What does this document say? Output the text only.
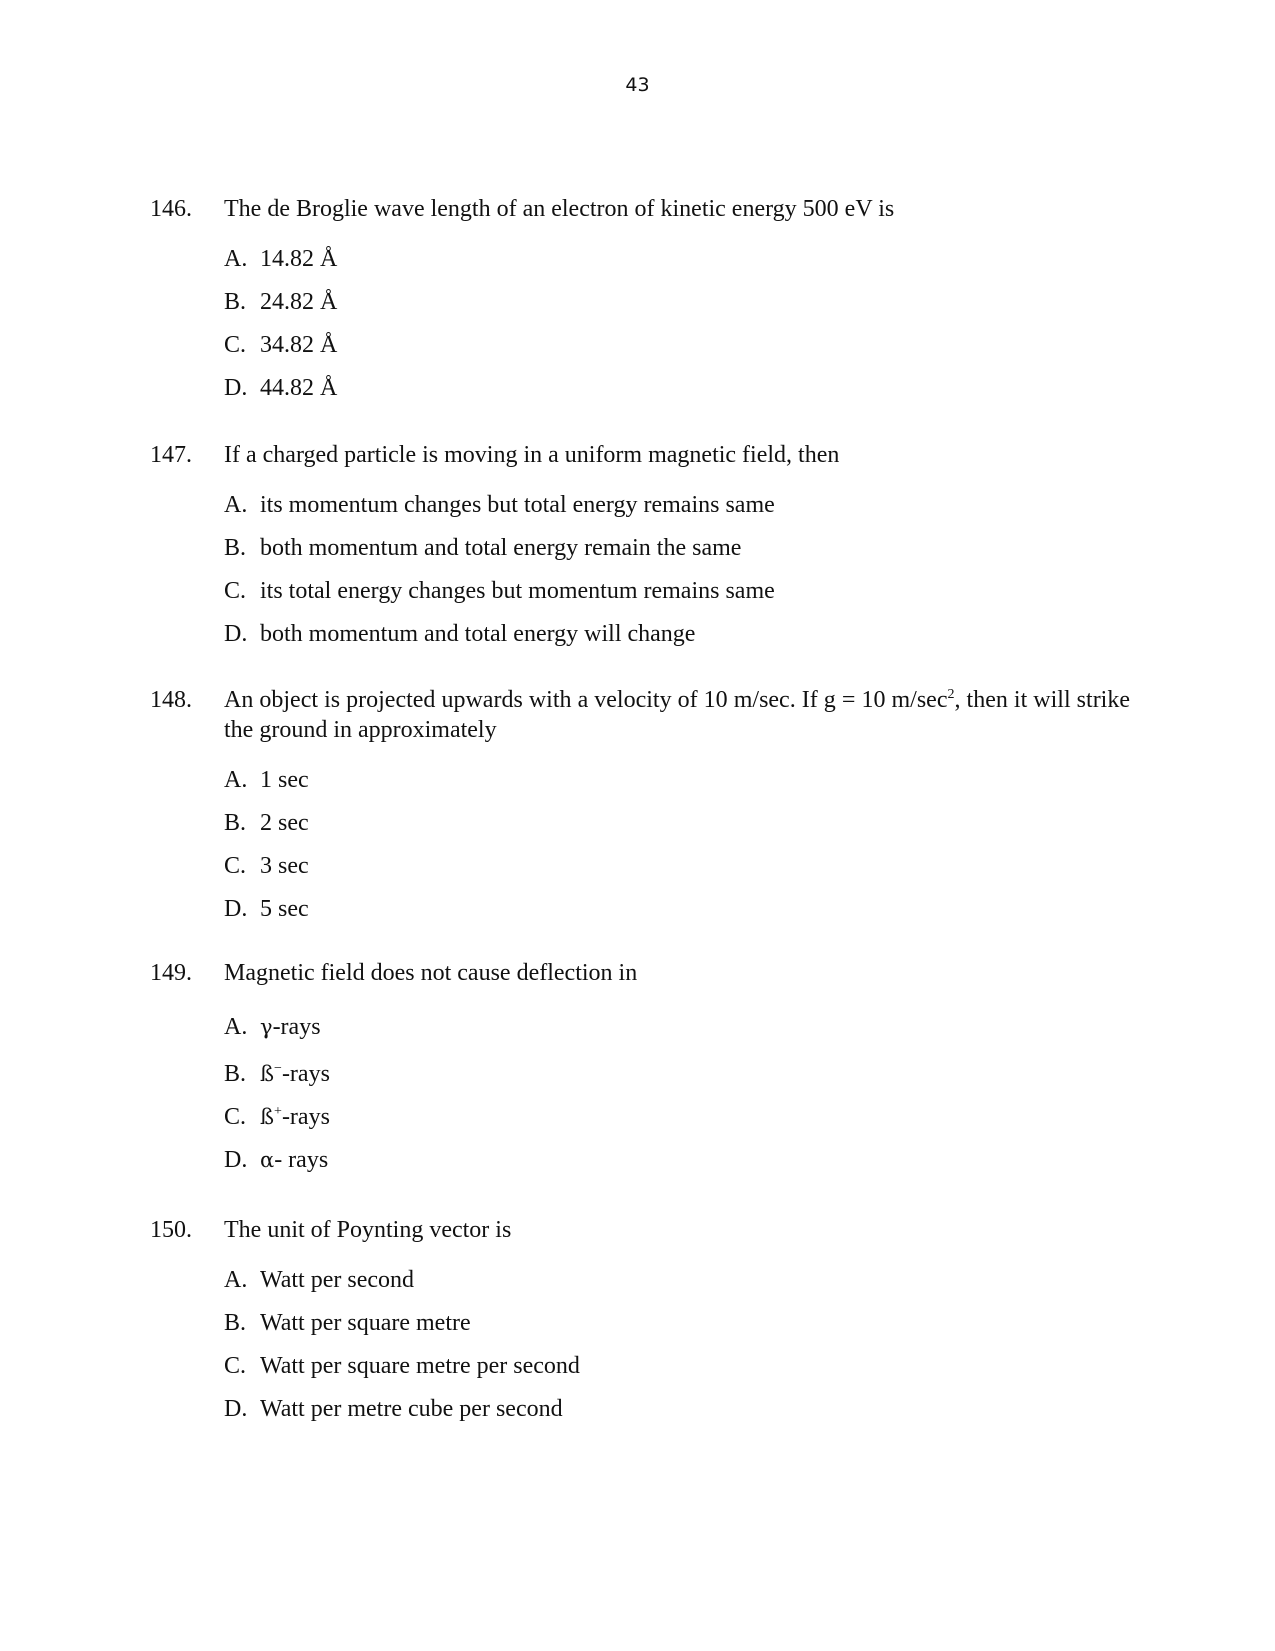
43
146. The de Broglie wave length of an electron of kinetic energy 500 eV is
A. 14.82 Å
B. 24.82 Å
C. 34.82 Å
D. 44.82 Å
147. If a charged particle is moving in a uniform magnetic field, then
A. its momentum changes but total energy remains same
B. both momentum and total energy remain the same
C. its total energy changes but momentum remains same
D. both momentum and total energy will change
148. An object is projected upwards with a velocity of 10 m/sec. If g = 10 $m/\sec^2$, then it will strike the ground in approximately
A. 1 sec
B. 2 sec
C. 3 sec
D. 5 sec
149. Magnetic field does not cause deflection in
A. γ-rays
B. ß−-rays
C. ß+-rays
D. α- rays
150. The unit of Poynting vector is
A. Watt per second
B. Watt per square metre
C. Watt per square metre per second
D. Watt per metre cube per second
